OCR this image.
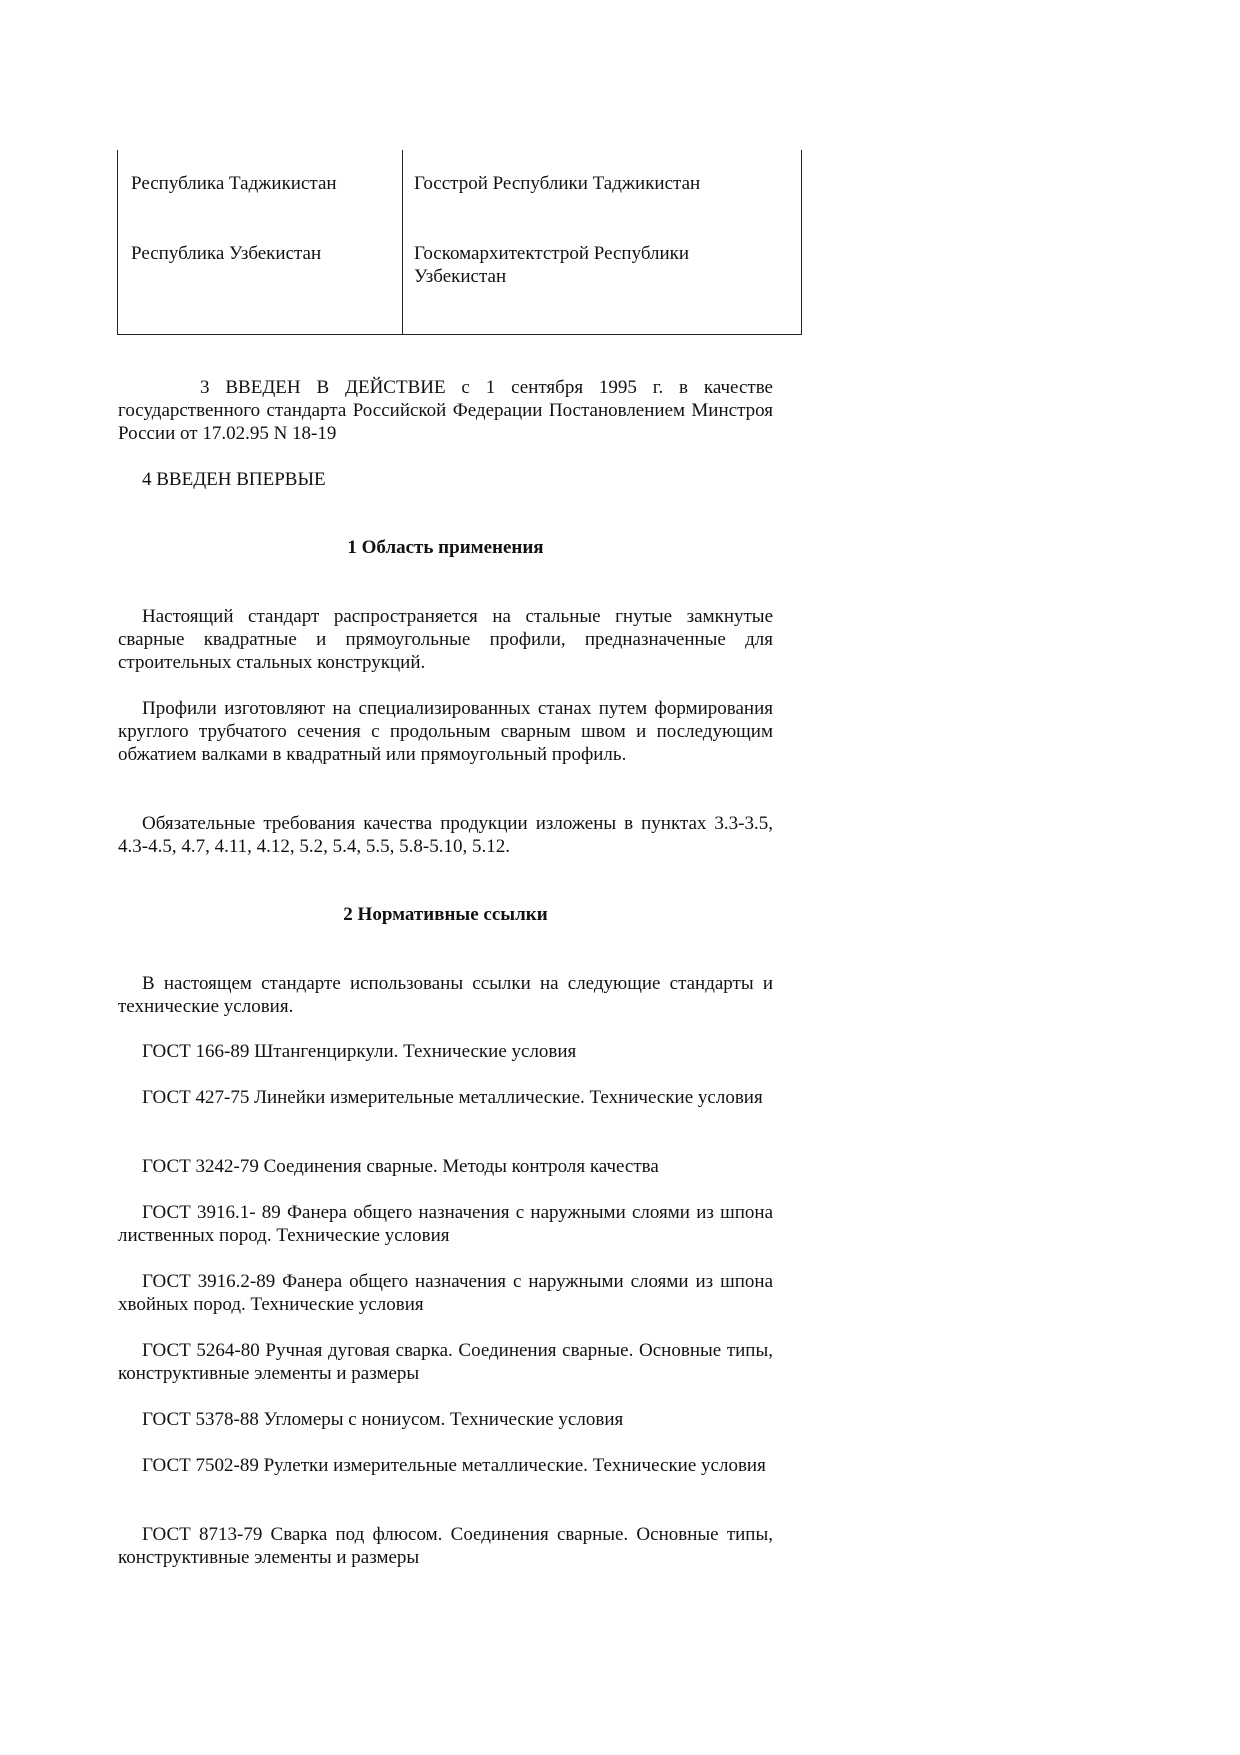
Республика Таджикистан	Госстрой Республики Таджикистан
Республика Узбекистан	Госкомархитектстрой Республики Узбекистан
3 ВВЕДЕН В ДЕЙСТВИЕ с 1 сентября 1995 г. в качестве государственного стандарта Российской Федерации Постановлением Минстроя России от 17.02.95 N 18-19
4 ВВЕДЕН ВПЕРВЫЕ
1 Область применения
Настоящий стандарт распространяется на стальные гнутые замкнутые сварные квадратные и прямоугольные профили, предназначенные для строительных стальных конструкций.
Профили изготовляют на специализированных станах путем формирования круглого трубчатого сечения с продольным сварным швом и последующим обжатием валками в квадратный или прямоугольный профиль.
Обязательные требования качества продукции изложены в пунктах 3.3-3.5, 4.3-4.5, 4.7, 4.11, 4.12, 5.2, 5.4, 5.5, 5.8-5.10, 5.12.
2 Нормативные ссылки
В настоящем стандарте использованы ссылки на следующие стандарты и технические условия.
ГОСТ 166-89 Штангенциркули. Технические условия
ГОСТ 427-75 Линейки измерительные металлические. Технические условия
ГОСТ 3242-79 Соединения сварные. Методы контроля качества
ГОСТ 3916.1- 89 Фанера общего назначения с наружными слоями из шпона лиственных пород. Технические условия
ГОСТ 3916.2-89 Фанера общего назначения с наружными слоями из шпона хвойных пород. Технические условия
ГОСТ 5264-80 Ручная дуговая сварка. Соединения сварные. Основные типы, конструктивные элементы и размеры
ГОСТ 5378-88 Угломеры с нониусом. Технические условия
ГОСТ 7502-89 Рулетки измерительные металлические. Технические условия
ГОСТ 8713-79 Сварка под флюсом. Соединения сварные. Основные типы, конструктивные элементы и размеры
